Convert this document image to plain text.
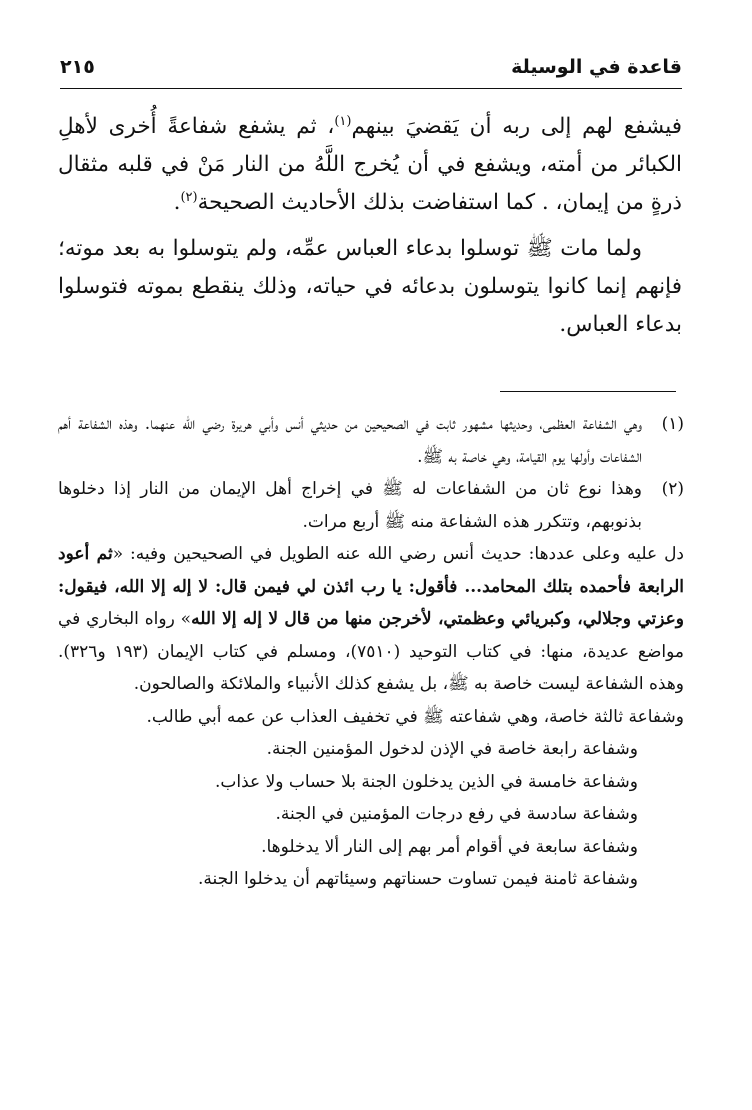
قاعدة في الوسيلة
٢١٥

فيشفع لهم إلى ربه أن يَقضيَ بينهم$^{(١)}$، ثم يشفع شفاعةً أُخرى لأهلِ الكبائر من أمته، ويشفع في أن يُخرج اللَّهُ من النار مَنْ في قلبه مثقال ذرةٍ من إيمان، . كما استفاضت بذلك الأحاديث الصحيحة$^{(٢)}$.

ولما مات ﷺ توسلوا بدعاء العباس عمِّه، ولم يتوسلوا به بعد موته؛ فإنهم إنما كانوا يتوسلون بدعائه في حياته، وذلك ينقطع بموته فتوسلوا بدعاء العباس.

(١)

وهي الشفاعة العظمى، وحديثها مشهور ثابت في الصحيحين من حديثي أنس وأبي هريرة رضي الله عنهما. وهذه الشفاعة أهم الشفاعات وأولها يوم القيامة، وهي خاصة به ﷺ.

(٢)

وهذا نوع ثان من الشفاعات له ﷺ في إخراج أهل الإيمان من النار إذا دخلوها بذنوبهم، وتتكرر هذه الشفاعة منه ﷺ أربع مرات.

دل عليه وعلى عددها: حديث أنس رضي الله عنه الطويل في الصحيحين وفيه: «ثم أعود الرابعة فأحمده بتلك المحامد... فأقول: يا رب ائذن لي فيمن قال: لا إله إلا الله، فيقول: وعزتي وجلالي، وكبريائي وعظمتي، لأخرجن منها من قال لا إله إلا الله» رواه البخاري في مواضع عديدة، منها: في كتاب التوحيد (٧٥١٠)، ومسلم في كتاب الإيمان (١٩٣ و٣٢٦). وهذه الشفاعة ليست خاصة به ﷺ، بل يشفع كذلك الأنبياء والملائكة والصالحون.

وشفاعة ثالثة خاصة، وهي شفاعته ﷺ في تخفيف العذاب عن عمه أبي طالب.

وشفاعة رابعة خاصة في الإذن لدخول المؤمنين الجنة.

وشفاعة خامسة في الذين يدخلون الجنة بلا حساب ولا عذاب.

وشفاعة سادسة في رفع درجات المؤمنين في الجنة.

وشفاعة سابعة في أقوام أمر بهم إلى النار ألا يدخلوها.

وشفاعة ثامنة فيمن تساوت حسناتهم وسيئاتهم أن يدخلوا الجنة.
